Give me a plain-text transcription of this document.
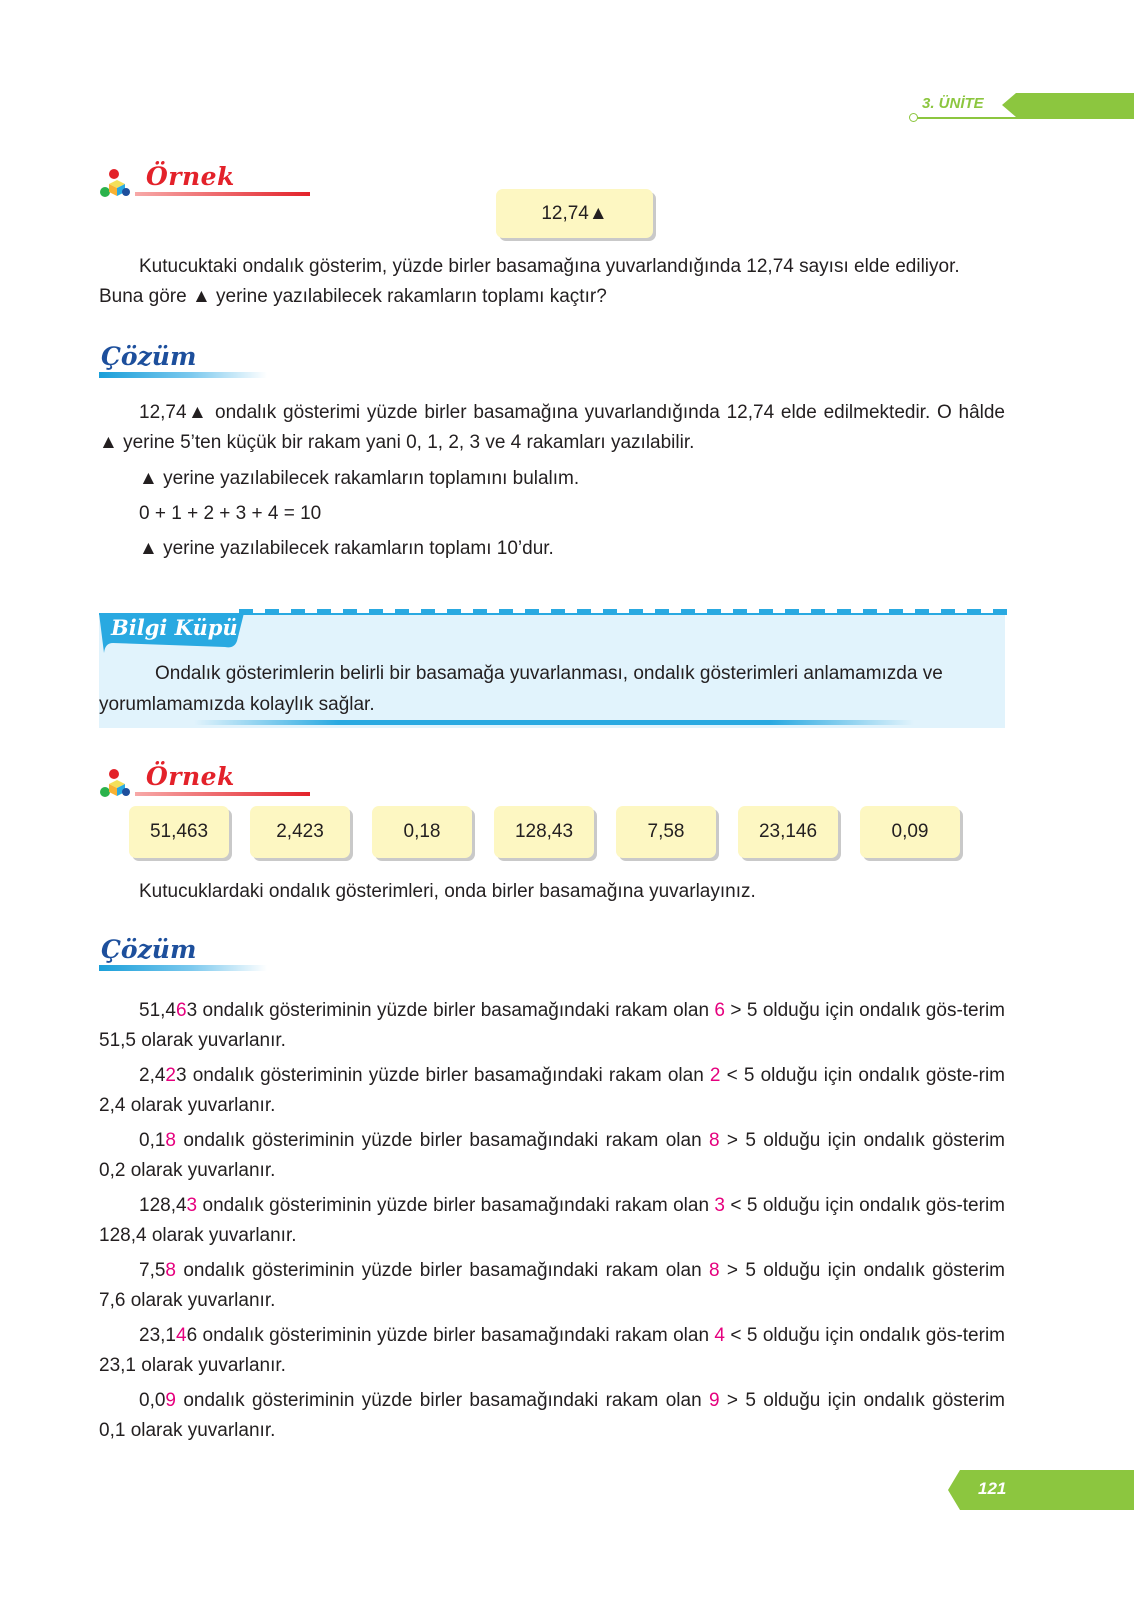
3. ÜNİTE
Örnek
12,74▲
Kutucuktaki ondalık gösterim, yüzde birler basamağına yuvarlandığında 12,74 sayısı elde ediliyor.
Buna göre ▲ yerine yazılabilecek rakamların toplamı kaçtır?
Çözüm
12,74▲ ondalık gösterimi yüzde birler basamağına yuvarlandığında 12,74 elde edilmektedir. O hâlde ▲ yerine 5’ten küçük bir rakam yani 0, 1, 2, 3 ve 4 rakamları yazılabilir.
▲ yerine yazılabilecek rakamların toplamını bulalım.
0 + 1 + 2 + 3 + 4 = 10
▲ yerine yazılabilecek rakamların toplamı 10’dur.
Bilgi Küpü
Ondalık gösterimlerin belirli bir basamağa yuvarlanması, ondalık gösterimleri anlamamızda ve yorumlamamızda kolaylık sağlar.
Örnek
51,463	2,423	0,18	128,43	7,58	23,146	0,09
Kutucuklardaki ondalık gösterimleri, onda birler basamağına yuvarlayınız.
Çözüm
51,463 ondalık gösteriminin yüzde birler basamağındaki rakam olan 6 > 5 olduğu için ondalık gös-terim 51,5 olarak yuvarlanır.
2,423 ondalık gösteriminin yüzde birler basamağındaki rakam olan 2 < 5 olduğu için ondalık göste-rim 2,4 olarak yuvarlanır.
0,18 ondalık gösteriminin yüzde birler basamağındaki rakam olan 8 > 5 olduğu için ondalık gösterim 0,2 olarak yuvarlanır.
128,43 ondalık gösteriminin yüzde birler basamağındaki rakam olan 3 < 5 olduğu için ondalık gös-terim 128,4 olarak yuvarlanır.
7,58 ondalık gösteriminin yüzde birler basamağındaki rakam olan 8 > 5 olduğu için ondalık gösterim 7,6 olarak yuvarlanır.
23,146 ondalık gösteriminin yüzde birler basamağındaki rakam olan 4 < 5 olduğu için ondalık gös-terim 23,1 olarak yuvarlanır.
0,09 ondalık gösteriminin yüzde birler basamağındaki rakam olan 9 > 5 olduğu için ondalık gösterim 0,1 olarak yuvarlanır.
121
